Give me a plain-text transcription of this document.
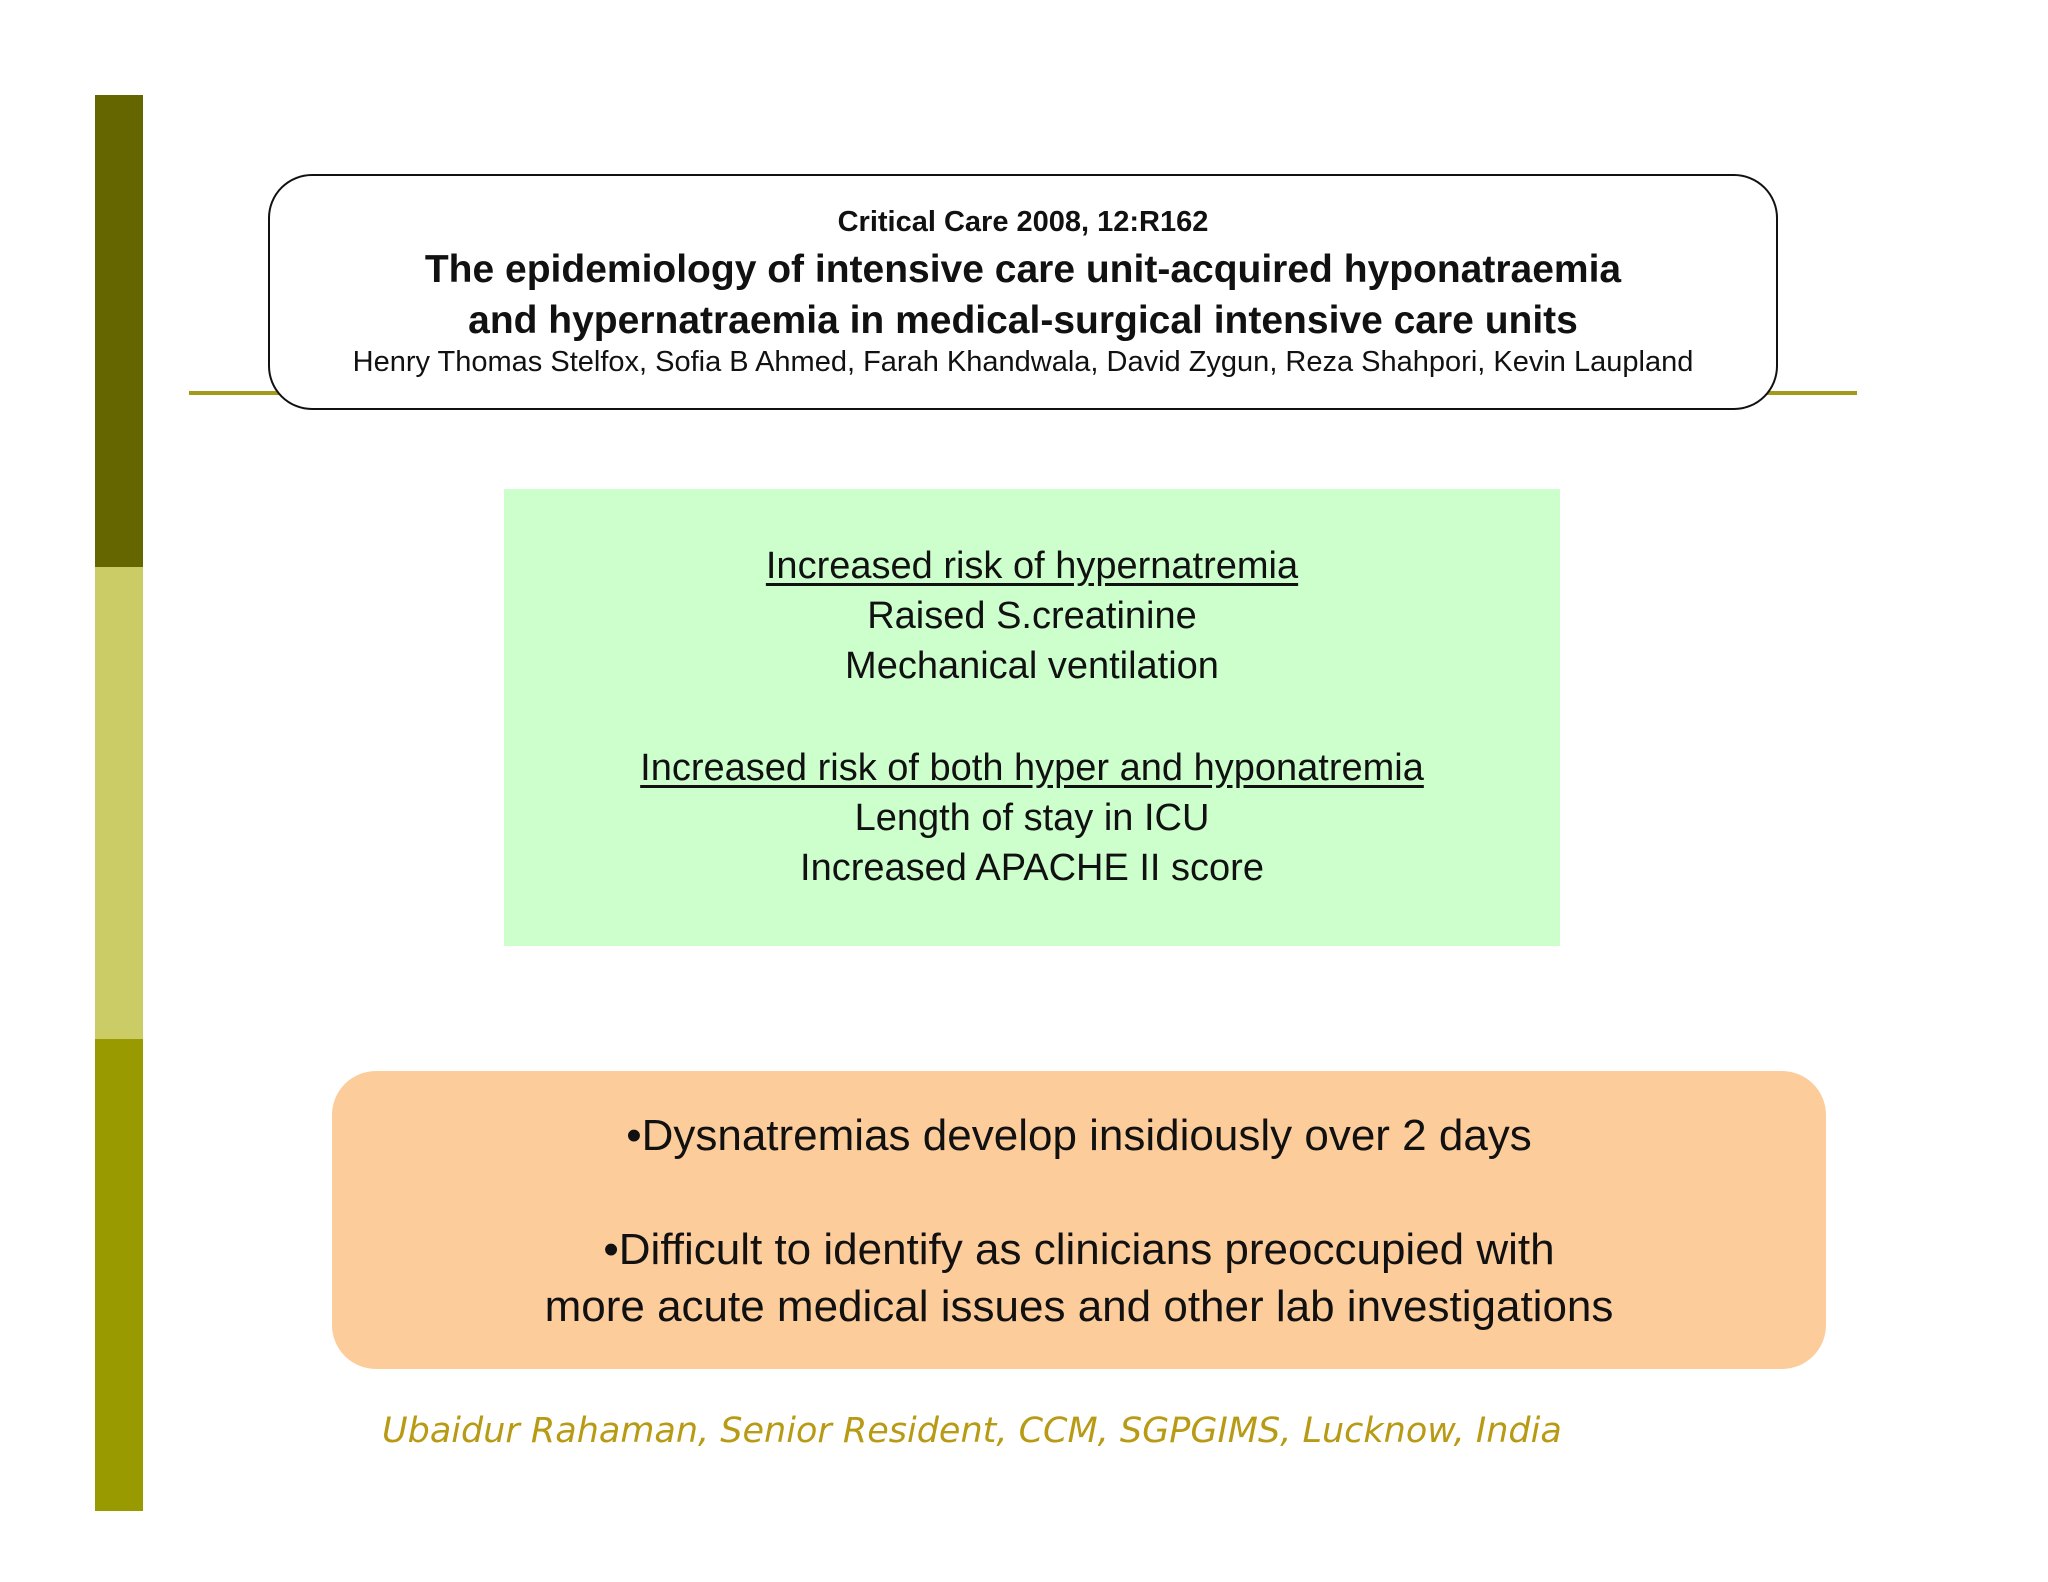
Critical Care 2008, 12:R162
The epidemiology of intensive care unit-acquired hyponatraemia
and hypernatraemia in medical-surgical intensive care units
Henry Thomas Stelfox, Sofia B Ahmed, Farah Khandwala, David Zygun, Reza Shahpori, Kevin Laupland
Increased risk of hypernatremia
Raised S.creatinine
Mechanical ventilation
Increased risk of both hyper and hyponatremia
Length of stay in ICU
Increased APACHE II score
•Dysnatremias develop insidiously over 2 days
•Difficult to identify as clinicians preoccupied with
more acute medical issues and other lab investigations
Ubaidur Rahaman, Senior Resident, CCM, SGPGIMS, Lucknow, India
